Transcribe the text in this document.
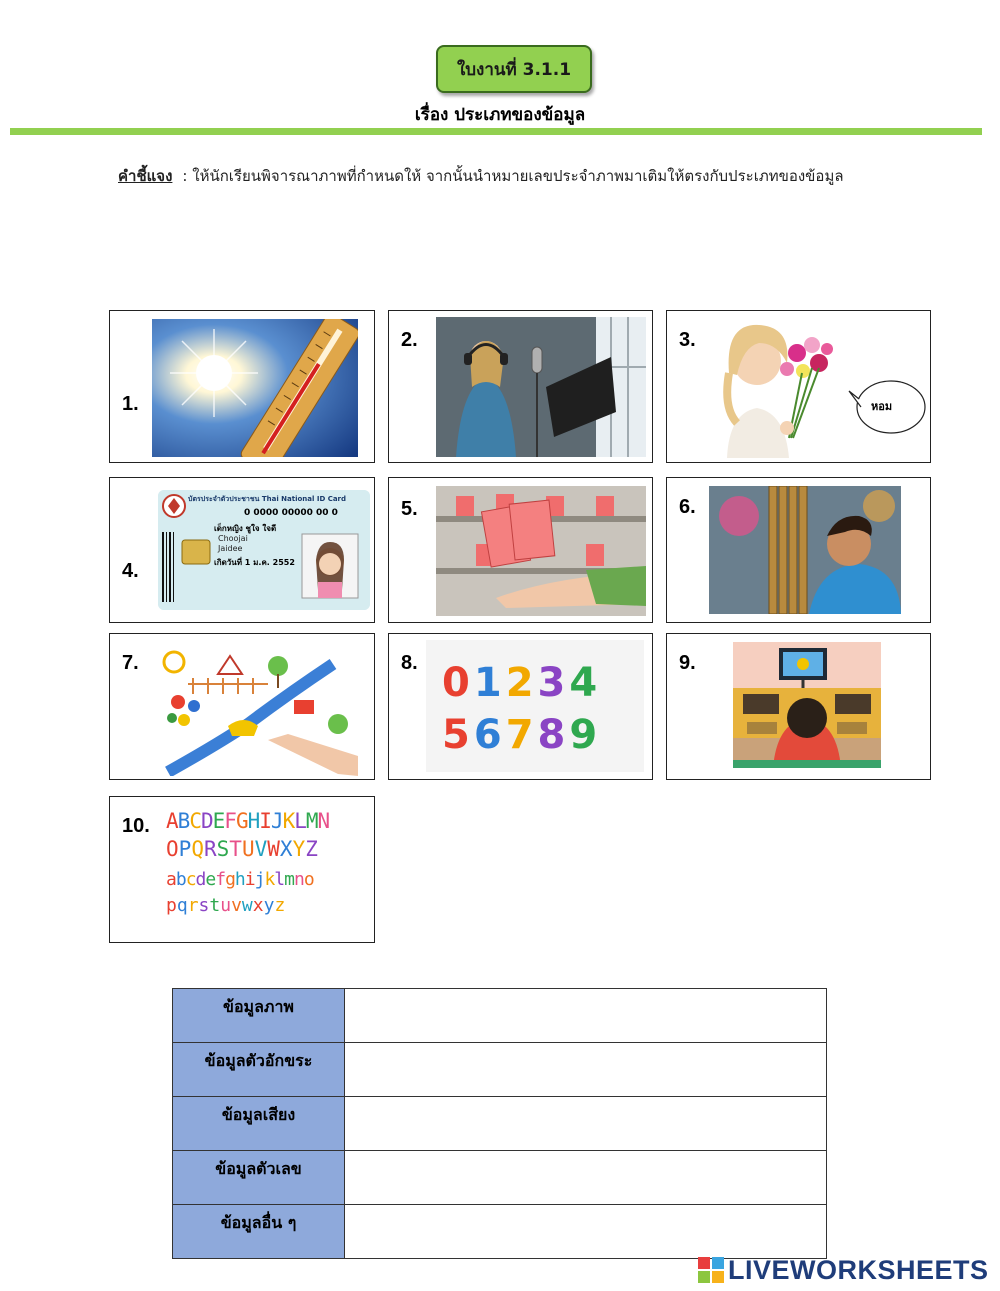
ใบงานที่ 3.1.1
เรื่อง ประเภทของข้อมูล
คำชี้แจง : ให้นักเรียนพิจารณาภาพที่กำหนดให้ จากนั้นนำหมายเลขประจำภาพมาเติมให้ตรงกับประเภทของข้อมูล
1.
2.	3.
หอม
4.
บัตรประจำตัวประชาชน Thai National ID Card
0 0000 00000 00 0
เด็กหญิง ชูใจ ใจดี
Choojai
Jaidee
เกิดวันที่ 1 ม.ค. 2552
5.	6.
7.	8. 01234
56789
9.
10. ABCDEFGHIJKLMN
OPQRSTUVWXYZ
abcdefghijklmno
pqrstuvwxyz
ข้อมูลภาพ	
ข้อมูลตัวอักขระ	
ข้อมูลเสียง	
ข้อมูลตัวเลข	
ข้อมูลอื่น ๆ	
LIVEWORKSHEETS
